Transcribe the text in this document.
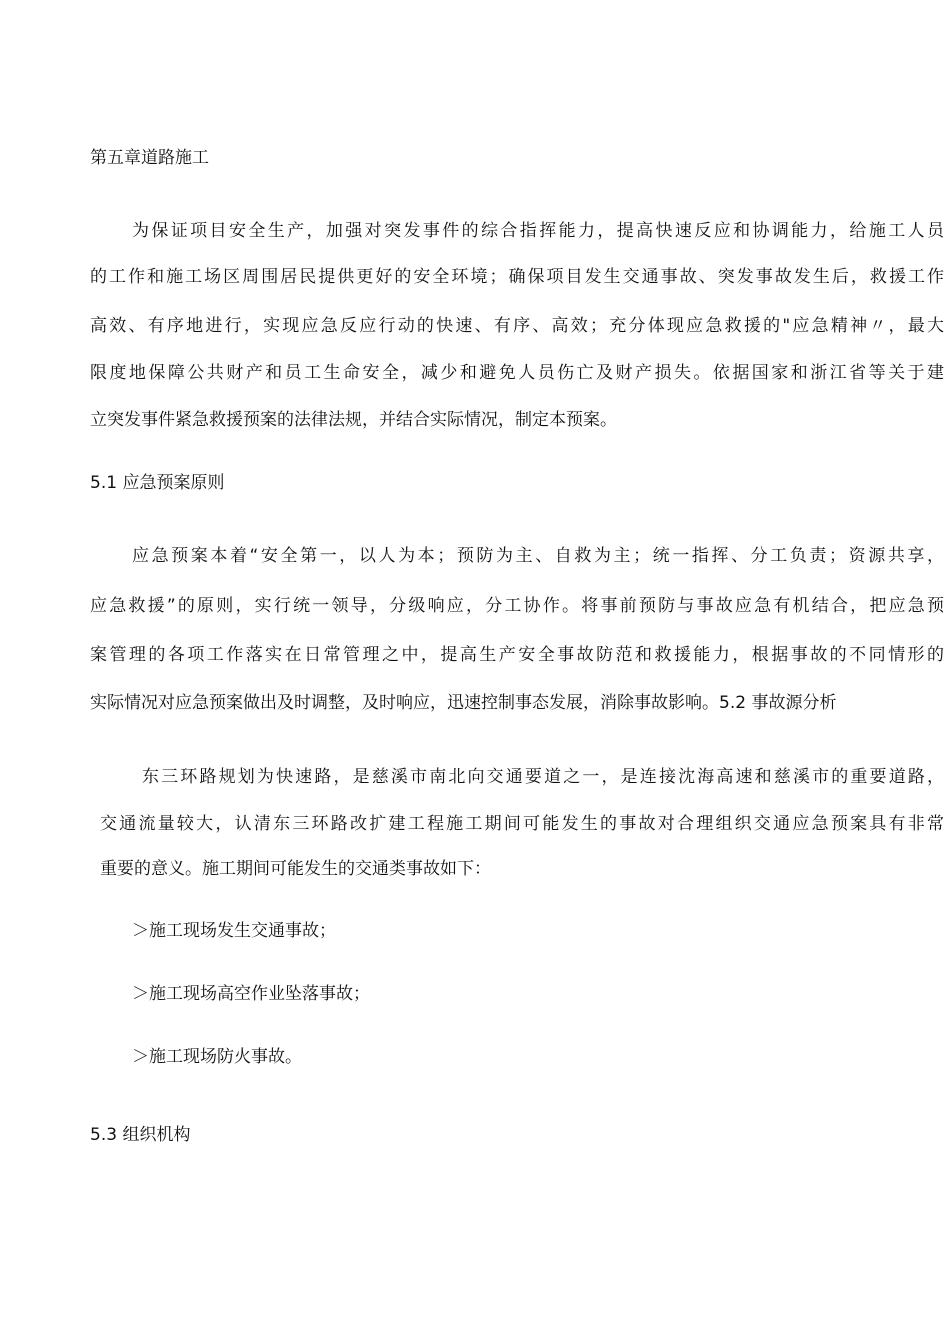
第五章道路施工
为保证项目安全生产，加强对突发事件的综合指挥能力，提高快速反应和协调能力，给施工人员
的工作和施工场区周围居民提供更好的安全环境；确保项目发生交通事故、突发事故发生后，救援工作
高效、有序地进行，实现应急反应行动的快速、有序、高效；充分体现应急救援的"应急精神〃，最大
限度地保障公共财产和员工生命安全，减少和避免人员伤亡及财产损失。依据国家和浙江省等关于建
立突发事件紧急救援预案的法律法规，并结合实际情况，制定本预案。
5.1 应急预案原则
应急预案本着“安全第一，以人为本；预防为主、自救为主；统一指挥、分工负责；资源共享，
应急救援”的原则，实行统一领导，分级响应，分工协作。将事前预防与事故应急有机结合，把应急预
案管理的各项工作落实在日常管理之中，提高生产安全事故防范和救援能力，根据事故的不同情形的
实际情况对应急预案做出及时调整，及时响应，迅速控制事态发展，消除事故影响。5.2 事故源分析
东三环路规划为快速路，是慈溪市南北向交通要道之一，是连接沈海高速和慈溪市的重要道路，
交通流量较大，认清东三环路改扩建工程施工期间可能发生的事故对合理组织交通应急预案具有非常
重要的意义。施工期间可能发生的交通类事故如下：
＞施工现场发生交通事故；
＞施工现场高空作业坠落事故；
＞施工现场防火事故。
5.3 组织机构
